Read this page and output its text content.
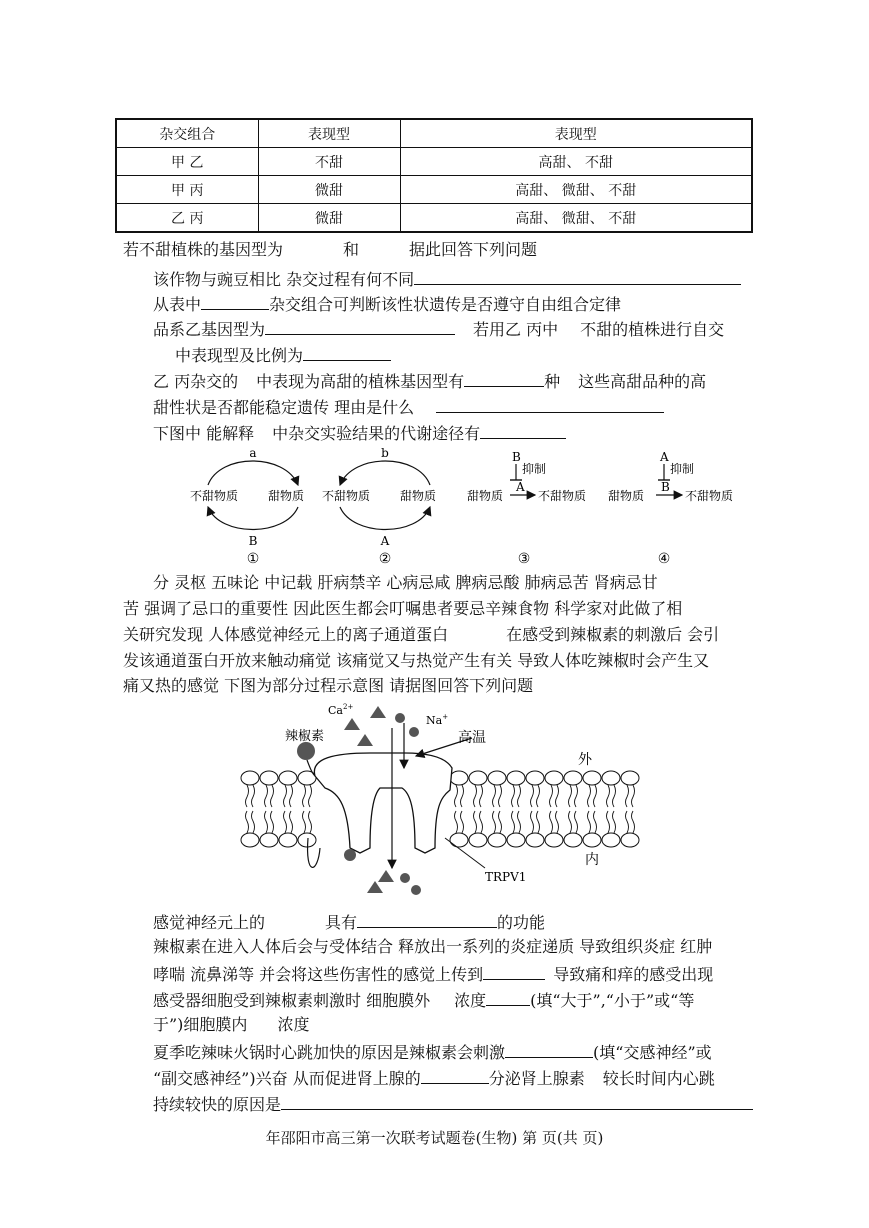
杂交组合	表现型	表现型
甲 乙	不甜	高甜、 不甜
甲 丙	微甜	高甜、 微甜、 不甜
乙 丙	微甜	高甜、 微甜、 不甜
若不甜植株的基因型为	和	据此回答下列问题
该作物与豌豆相比 杂交过程有何不同
从表中	杂交组合可判断该性状遗传是否遵守自由组合定律
品系乙基因型为	若用乙 丙中 不甜的植株进行自交
中表现型及比例为
乙 丙杂交的 中表现为高甜的植株基因型有	种 这些高甜品种的高
甜性状是否都能稳定遗传 理由是什么
下图中 能解释 中杂交实验结果的代谢途径有
a
B
不甜物质 甜物质
①
b
A
不甜物质 甜物质
②
B
抑制
A
甜物质	不甜物质
③
A
抑制
B
甜物质	不甜物质
④
分 灵枢 五味论 中记载 肝病禁辛 心病忌咸 脾病忌酸 肺病忌苦 肾病忌甘
苦 强调了忌口的重要性 因此医生都会叮嘱患者要忌辛辣食物 科学家对此做了相
关研究发现 人体感觉神经元上的离子通道蛋白	在感受到辣椒素的刺激后 会引
发该通道蛋白开放来触动痛觉 该痛觉又与热觉产生有关 导致人体吃辣椒时会产生又
痛又热的感觉 下图为部分过程示意图 请据图回答下列问题
$Ca^{2+}$
Na+
辣椒素	高温
外
内
TRPV1
感觉神经元上的	具有	的功能
辣椒素在进入人体后会与受体结合 释放出一系列的炎症递质 导致组织炎症 红肿
哮喘 流鼻涕等 并会将这些伤害性的感觉上传到	导致痛和痒的感受出现
感受器细胞受到辣椒素刺激时 细胞膜外 浓度	(填“大于”,“小于”或“等
于”)细胞膜内 浓度
夏季吃辣味火锅时心跳加快的原因是辣椒素会刺激	(填“交感神经”或
“副交感神经”)兴奋 从而促进肾上腺的	分泌肾上腺素 较长时间内心跳
持续较快的原因是
年邵阳市高三第一次联考试题卷(生物) 第 页(共 页)
